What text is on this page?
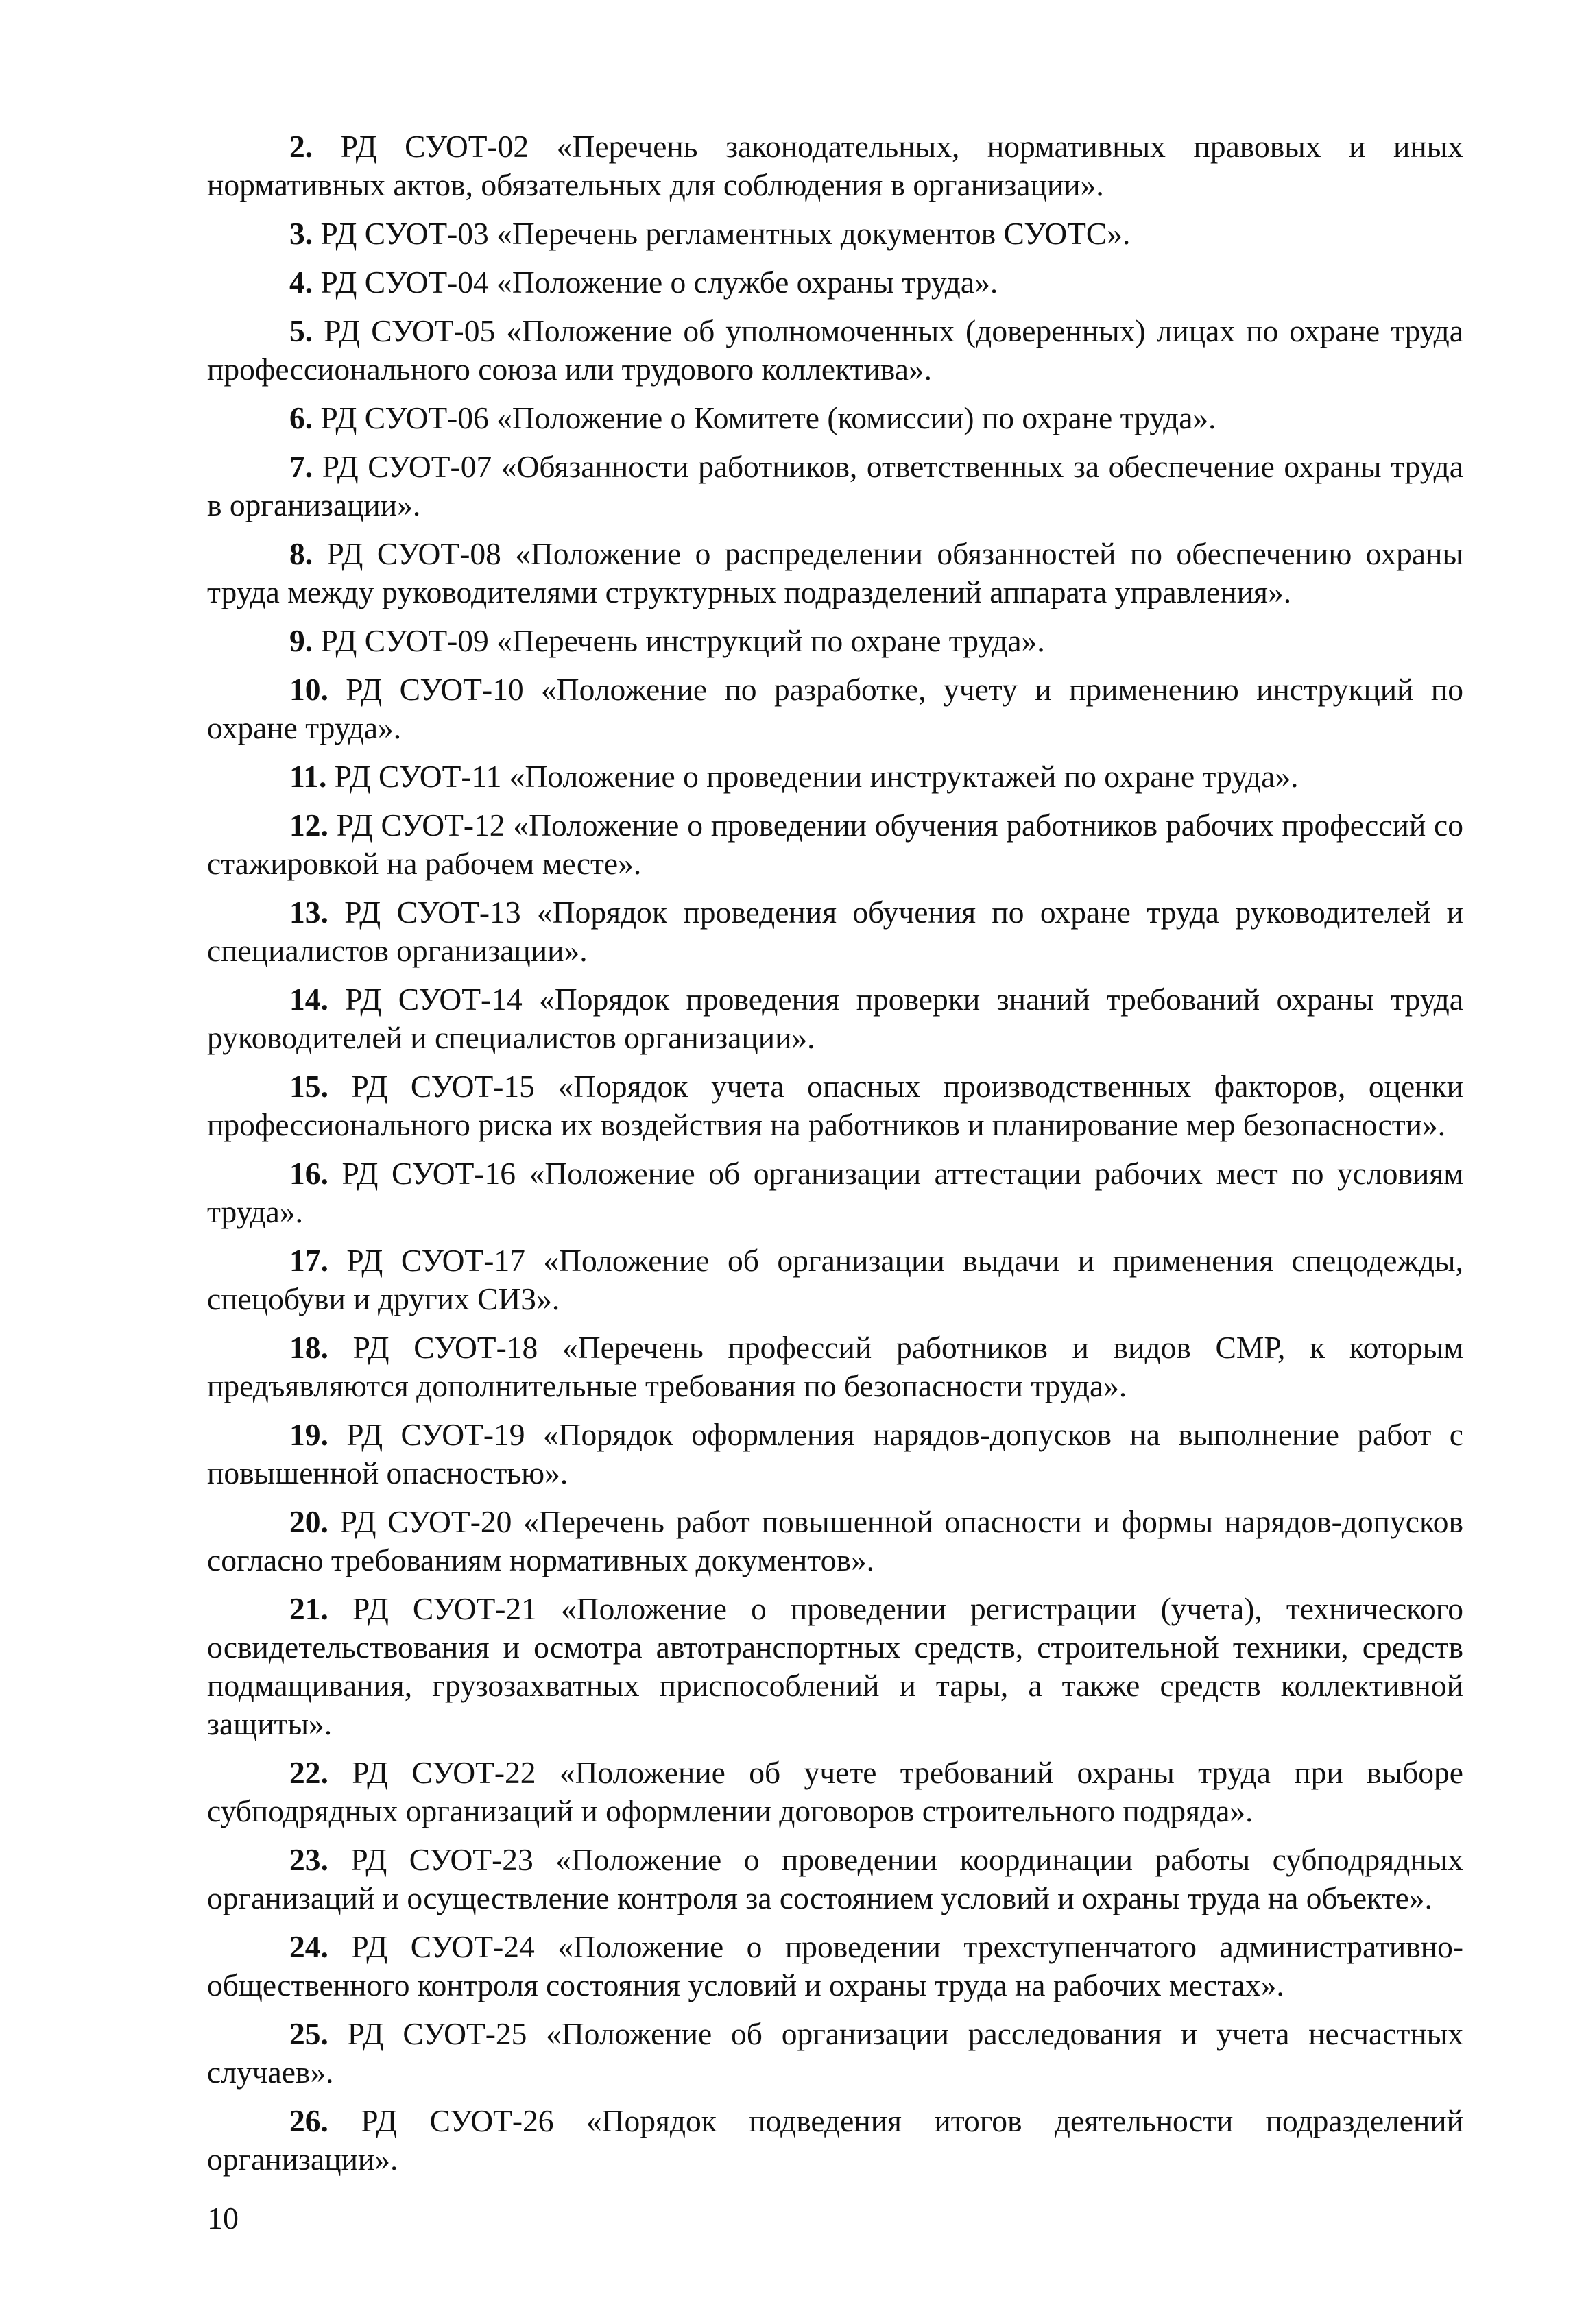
2. РД СУОТ-02 «Перечень законодательных, нормативных правовых и иных нормативных актов, обязательных для соблюдения в организации».

3. РД СУОТ-03 «Перечень регламентных документов СУОТС».

4. РД СУОТ-04 «Положение о службе охраны труда».

5. РД СУОТ-05 «Положение об уполномоченных (доверенных) лицах по охране труда профессионального союза или трудового коллектива».

6. РД СУОТ-06 «Положение о Комитете (комиссии) по охране труда».

7. РД СУОТ-07 «Обязанности работников, ответственных за обеспечение охраны труда в организации».

8. РД СУОТ-08 «Положение о распределении обязанностей по обеспечению охраны труда между руководителями структурных подразделений аппарата управления».

9. РД СУОТ-09 «Перечень инструкций по охране труда».

10. РД СУОТ-10 «Положение по разработке, учету и применению инструкций по охране труда».

11. РД СУОТ-11 «Положение о проведении инструктажей по охране труда».

12. РД СУОТ-12 «Положение о проведении обучения работников рабочих профессий со стажировкой на рабочем месте».

13. РД СУОТ-13 «Порядок проведения обучения по охране труда руководителей и специалистов организации».

14. РД СУОТ-14 «Порядок проведения проверки знаний требований охраны труда руководителей и специалистов организации».

15. РД СУОТ-15 «Порядок учета опасных производственных факторов, оценки профессионального риска их воздействия на работников и планирование мер безопасности».

16. РД СУОТ-16 «Положение об организации аттестации рабочих мест по условиям труда».

17. РД СУОТ-17 «Положение об организации выдачи и применения спецодежды, спецобуви и других СИЗ».

18. РД СУОТ-18 «Перечень профессий работников и видов СМР, к которым предъявляются дополнительные требования по безопасности труда».

19. РД СУОТ-19 «Порядок оформления нарядов-допусков на выполнение работ с повышенной опасностью».

20. РД СУОТ-20 «Перечень работ повышенной опасности и формы нарядов-допусков согласно требованиям нормативных документов».

21. РД СУОТ-21 «Положение о проведении регистрации (учета), технического освидетельствования и осмотра автотранспортных средств, строительной техники, средств подмащивания, грузозахватных приспособлений и тары, а также средств коллективной защиты».

22. РД СУОТ-22 «Положение об учете требований охраны труда при выборе субподрядных организаций и оформлении договоров строительного подряда».

23. РД СУОТ-23 «Положение о проведении координации работы субподрядных организаций и осуществление контроля за состоянием условий и охраны труда на объекте».

24. РД СУОТ-24 «Положение о проведении трехступенчатого административно-общественного контроля состояния условий и охраны труда на рабочих местах».

25. РД СУОТ-25 «Положение об организации расследования и учета несчастных случаев».

26. РД СУОТ-26 «Порядок подведения итогов деятельности подразделений организации».

10
